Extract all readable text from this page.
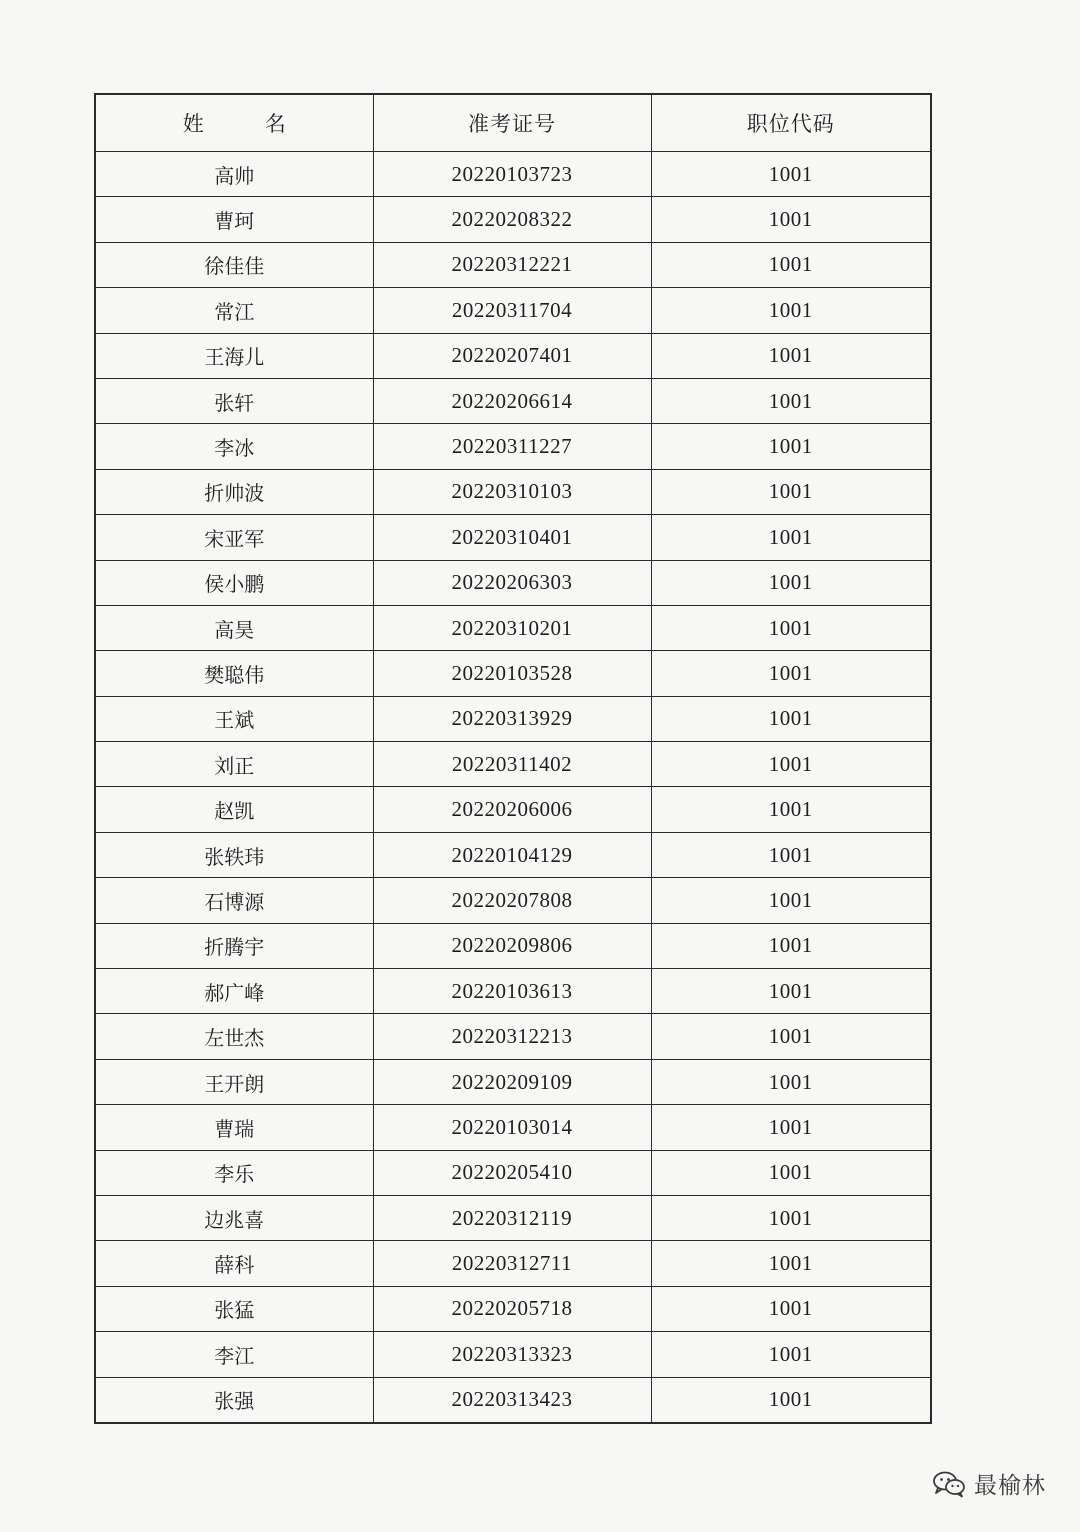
姓　名	准考证号	职位代码
高帅	20220103723	1001
曹珂	20220208322	1001
徐佳佳	20220312221	1001
常江	20220311704	1001
王海儿	20220207401	1001
张轩	20220206614	1001
李冰	20220311227	1001
折帅波	20220310103	1001
宋亚军	20220310401	1001
侯小鹏	20220206303	1001
高昊	20220310201	1001
樊聪伟	20220103528	1001
王斌	20220313929	1001
刘正	20220311402	1001
赵凯	20220206006	1001
张轶玮	20220104129	1001
石博源	20220207808	1001
折腾宇	20220209806	1001
郝广峰	20220103613	1001
左世杰	20220312213	1001
王开朗	20220209109	1001
曹瑞	20220103014	1001
李乐	20220205410	1001
边兆喜	20220312119	1001
薛科	20220312711	1001
张猛	20220205718	1001
李江	20220313323	1001
张强	20220313423	1001
最榆林
